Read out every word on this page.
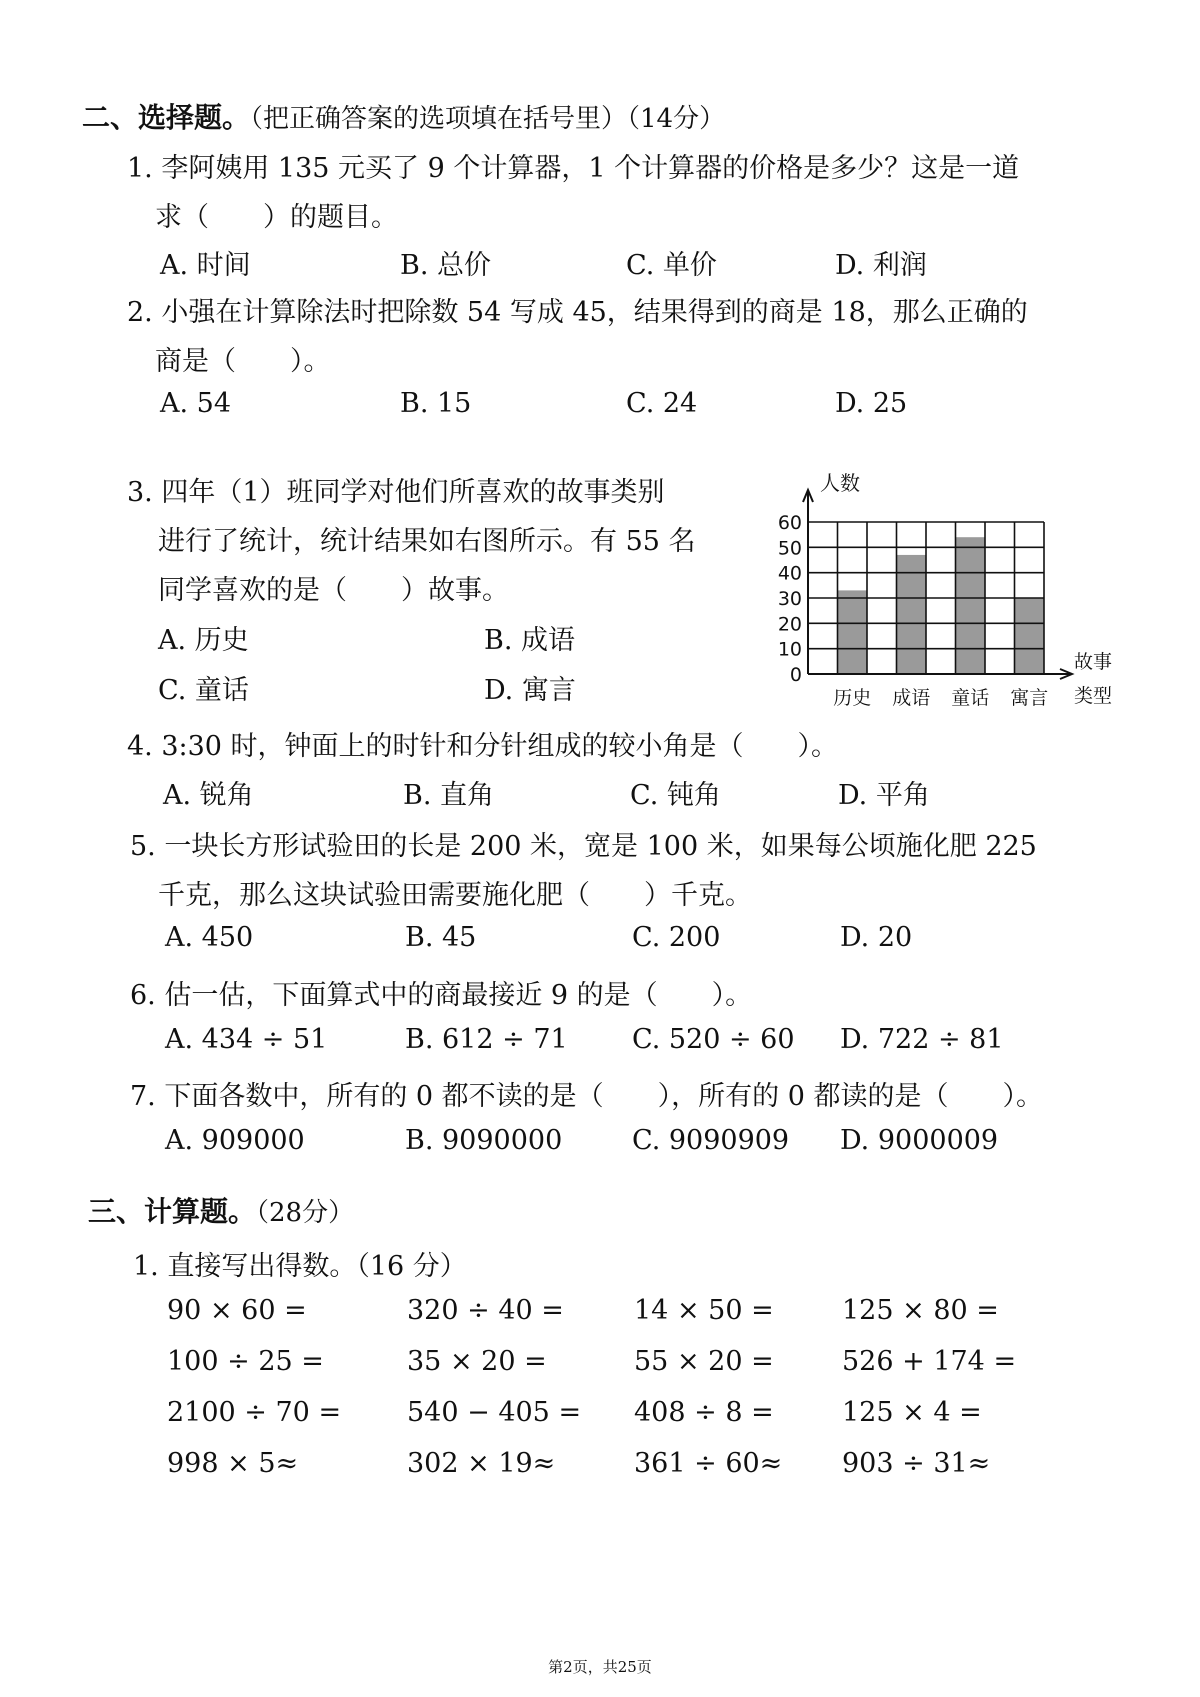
二、选择题。（把正确答案的选项填在括号里）（14分）
1. 李阿姨用 135 元买了 9 个计算器，1 个计算器的价格是多少？这是一道
求（　　）的题目。
A. 时间	B. 总价	C. 单价	D. 利润
2. 小强在计算除法时把除数 54 写成 45，结果得到的商是 18，那么正确的
商是（　　）。
A. 54	B. 15	C. 24	D. 25
3. 四年（1）班同学对他们所喜欢的故事类别
进行了统计，统计结果如右图所示。有 55 名
同学喜欢的是（　　）故事。
A. 历史	B. 成语
C. 童话	D. 寓言	0
10
20
30
40
50
60
历史 成语 童话 寓言
人数
故事
类型
4. 3:30 时，钟面上的时针和分针组成的较小角是（　　）。
A. 锐角	B. 直角	C. 钝角	D. 平角
5. 一块长方形试验田的长是 200 米，宽是 100 米，如果每公顷施化肥 225
千克，那么这块试验田需要施化肥（　　）千克。
A. 450	B. 45	C. 200	D. 20
6. 估一估，下面算式中的商最接近 9 的是（　　）。
A. 434 ÷ 51	B. 612 ÷ 71 C. 520 ÷ 60 D. 722 ÷ 81
7. 下面各数中，所有的 0 都不读的是（　　），所有的 0 都读的是（　　）。
A. 909000	B. 9090000	C. 9090909 D. 9000009
三、计算题。（28分）
1. 直接写出得数。（16 分）
90 × 60 =	320 ÷ 40 =	14 × 50 =	125 × 80 =
100 ÷ 25 =	35 × 20 =	55 × 20 =	526 + 174 =
2100 ÷ 70 = 540 − 405 = 408 ÷ 8 =	125 × 4 =
998 × 5≈	302 × 19≈	361 ÷ 60≈ 903 ÷ 31≈
第2页，共25页
